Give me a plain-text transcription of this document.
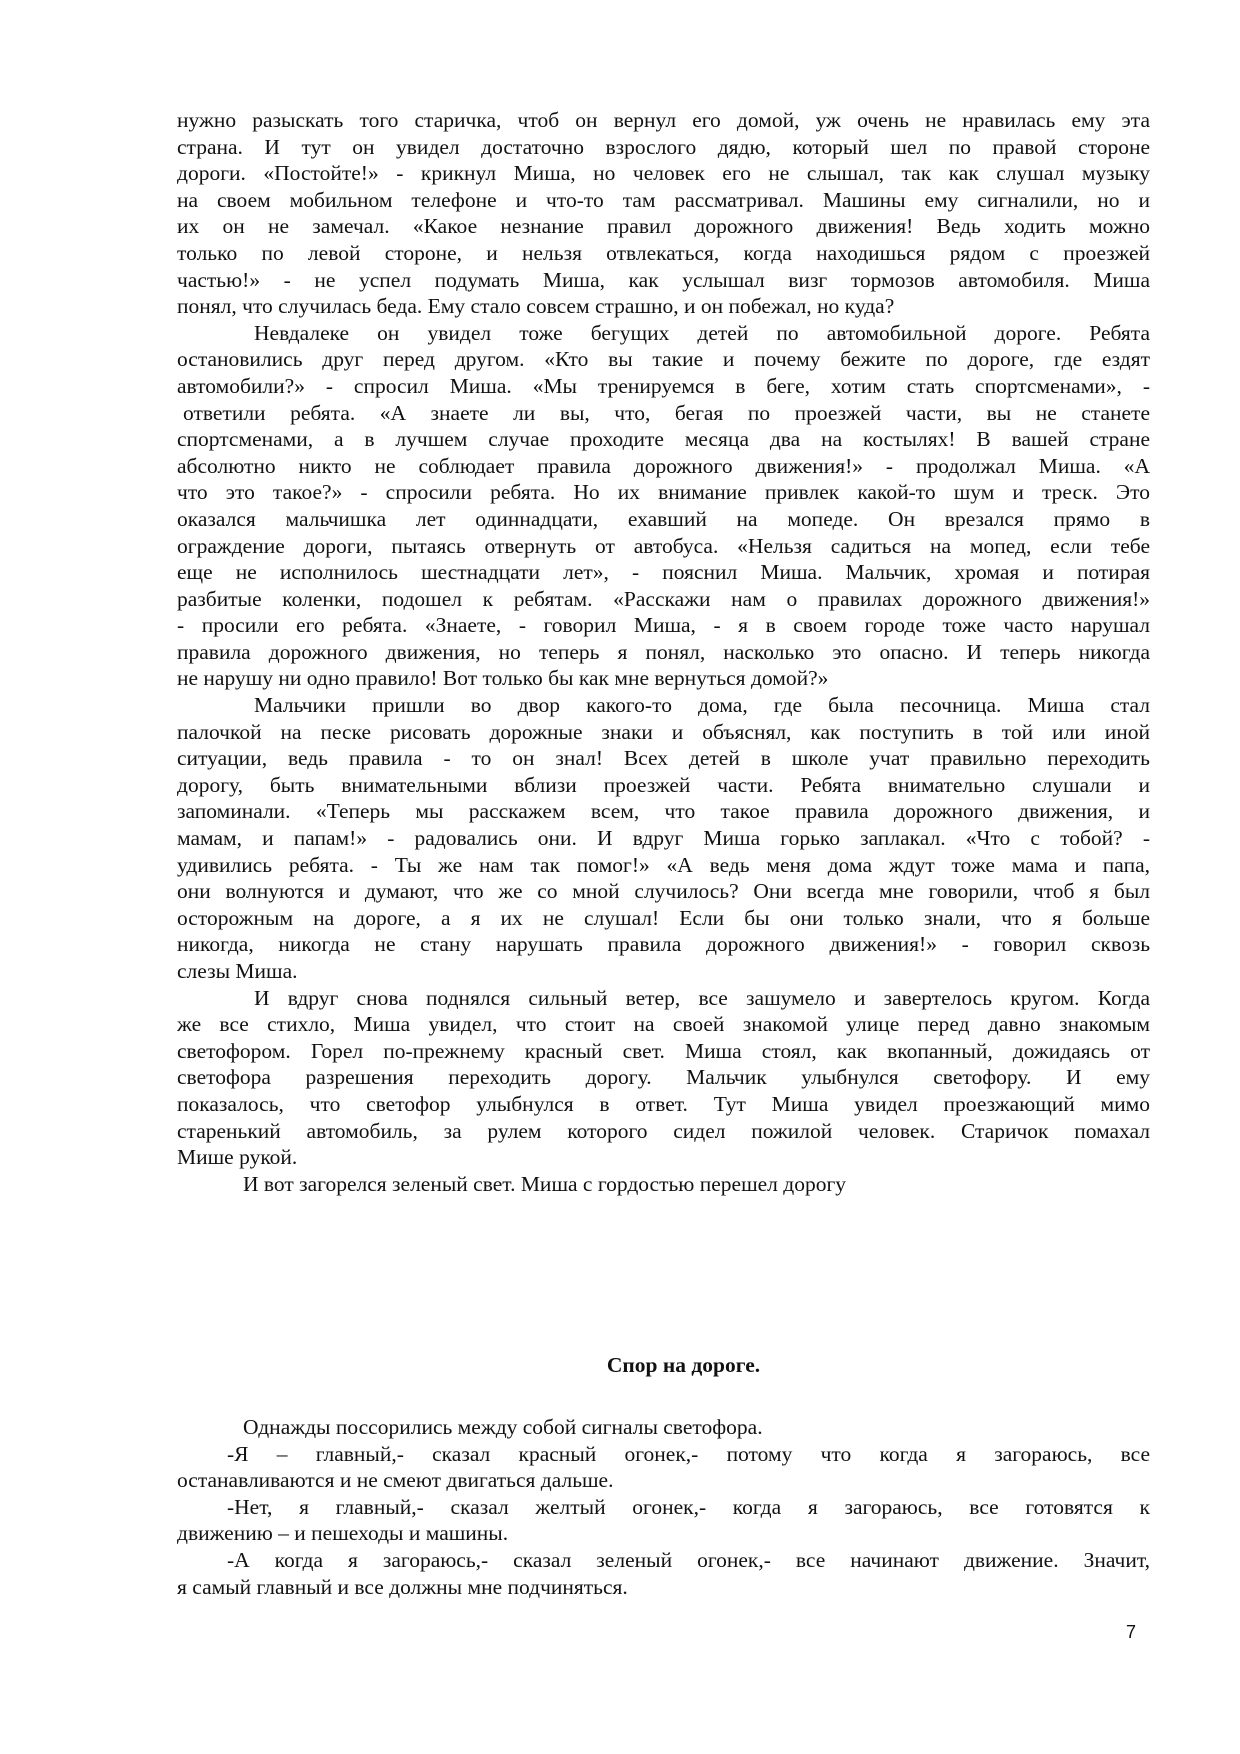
нужно разыскать того старичка, чтоб он вернул его домой, уж очень не нравилась ему эта
страна. И тут он увидел достаточно взрослого дядю, который шел по правой стороне
дороги. «Постойте!» - крикнул Миша, но человек его не слышал, так как слушал музыку
на своем мобильном телефоне и что-то там рассматривал. Машины ему сигналили, но и
их он не замечал. «Какое незнание правил дорожного движения! Ведь ходить можно
только по левой стороне, и нельзя отвлекаться, когда находишься рядом с проезжей
частью!» - не успел подумать Миша, как услышал визг тормозов автомобиля. Миша
понял, что случилась беда. Ему стало совсем страшно, и он побежал, но куда?
Невдалеке он увидел тоже бегущих детей по автомобильной дороге. Ребята
остановились друг перед другом. «Кто вы такие и почему бежите по дороге, где ездят
автомобили?» - спросил Миша. «Мы тренируемся в беге, хотим стать спортсменами», -
ответили ребята. «А знаете ли вы, что, бегая по проезжей части, вы не станете
спортсменами, а в лучшем случае проходите месяца два на костылях! В вашей стране
абсолютно никто не соблюдает правила дорожного движения!» - продолжал Миша. «А
что это такое?» - спросили ребята. Но их внимание привлек какой-то шум и треск. Это
оказался мальчишка лет одиннадцати, ехавший на мопеде. Он врезался прямо в
ограждение дороги, пытаясь отвернуть от автобуса. «Нельзя садиться на мопед, если тебе
еще не исполнилось шестнадцати лет», - пояснил Миша. Мальчик, хромая и потирая
разбитые коленки, подошел к ребятам. «Расскажи нам о правилах дорожного движения!»
- просили его ребята. «Знаете, - говорил Миша, - я в своем городе тоже часто нарушал
правила дорожного движения, но теперь я понял, насколько это опасно. И теперь никогда
не нарушу ни одно правило! Вот только бы как мне вернуться домой?»
Мальчики пришли во двор какого-то дома, где была песочница. Миша стал
палочкой на песке рисовать дорожные знаки и объяснял, как поступить в той или иной
ситуации, ведь правила - то он знал! Всех детей в школе учат правильно переходить
дорогу, быть внимательными вблизи проезжей части. Ребята внимательно слушали и
запоминали. «Теперь мы расскажем всем, что такое правила дорожного движения, и
мамам, и папам!» - радовались они. И вдруг Миша горько заплакал. «Что с тобой? -
удивились ребята. - Ты же нам так помог!» «А ведь меня дома ждут тоже мама и папа,
они волнуются и думают, что же со мной случилось? Они всегда мне говорили, чтоб я был
осторожным на дороге, а я их не слушал! Если бы они только знали, что я больше
никогда, никогда не стану нарушать правила дорожного движения!» - говорил сквозь
слезы Миша.
И вдруг снова поднялся сильный ветер, все зашумело и завертелось кругом. Когда
же все стихло, Миша увидел, что стоит на своей знакомой улице перед давно знакомым
светофором. Горел по-прежнему красный свет. Миша стоял, как вкопанный, дожидаясь от
светофора разрешения переходить дорогу. Мальчик улыбнулся светофору. И ему
показалось, что светофор улыбнулся в ответ. Тут Миша увидел проезжающий мимо
стаpенький автомобиль, за рулем которого сидел пожилой человек. Старичок помахал
Мише рукой.
И вот загорелся зеленый свет. Миша с гордостью перешел дорогу
Спор на дороге.
Однажды поссорились между собой сигналы светофора.
-Я – главный,- сказал красный огонек,- потому что когда я загораюсь, все
останавливаются и не смеют двигаться дальше.
-Нет, я главный,- сказал желтый огонек,- когда я загораюсь, все готовятся к
движению – и пешеходы и машины.
-А когда я загораюсь,- сказал зеленый огонек,- все начинают движение. Значит,
я самый главный и все должны мне подчиняться.
7
